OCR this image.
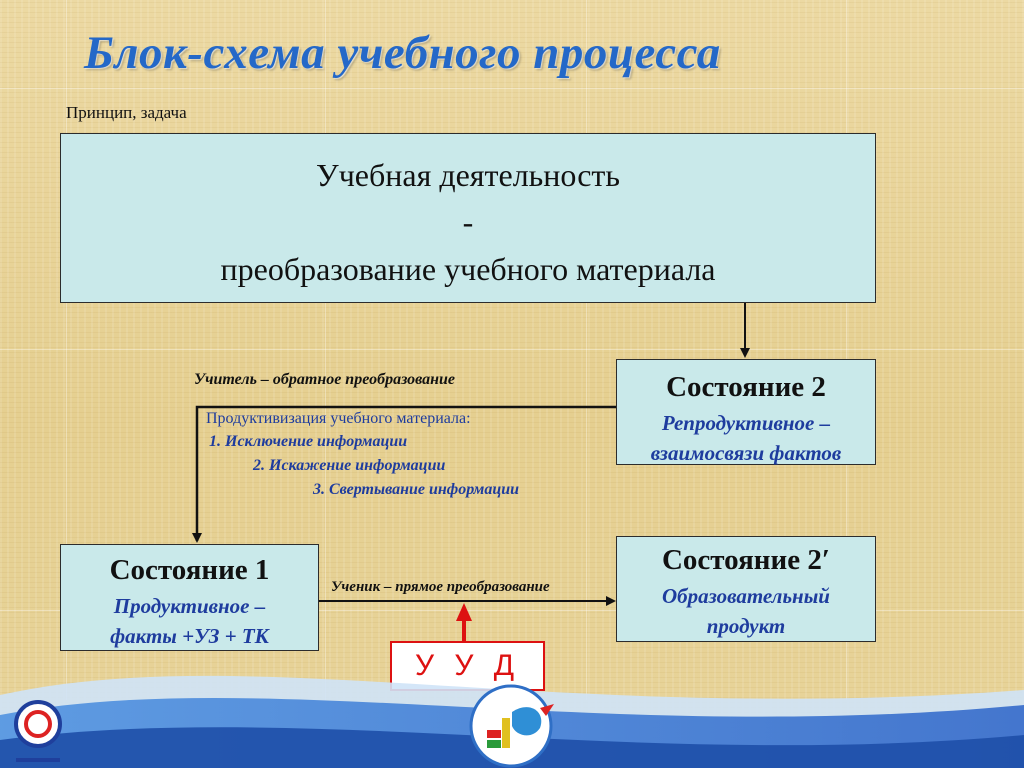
Блок-схема учебного процесса
Принцип, задача
Учебная деятельность
-
преобразование учебного материала
Состояние 2
Репродуктивное –
взаимосвязи фактов
Состояние 1
Продуктивное –
факты +УЗ + ТК
Состояние 2′
Образовательный
продукт
Учитель – обратное преобразование
Продуктивизация учебного материала:
1. Исключение информации
2. Искажение информации
3. Свертывание информации
Ученик – прямое преобразование
У У Д
